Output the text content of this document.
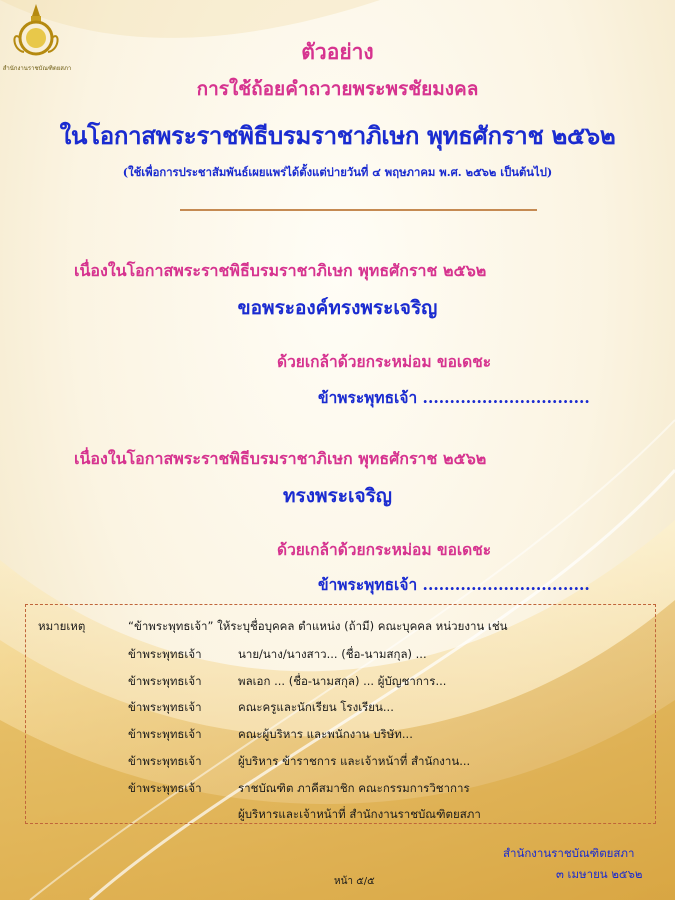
สำนักงานราชบัณฑิตยสภา
ตัวอย่าง
การใช้ถ้อยคำถวายพระพรชัยมงคล
ในโอกาสพระราชพิธีบรมราชาภิเษก พุทธศักราช ๒๕๖๒
(ใช้เพื่อการประชาสัมพันธ์เผยแพร่ได้ตั้งแต่บ่ายวันที่ ๔ พฤษภาคม พ.ศ. ๒๕๖๒ เป็นต้นไป)
เนื่องในโอกาสพระราชพิธีบรมราชาภิเษก พุทธศักราช ๒๕๖๒
ขอพระองค์ทรงพระเจริญ
ด้วยเกล้าด้วยกระหม่อม ขอเดชะ
ข้าพระพุทธเจ้า ...............................
เนื่องในโอกาสพระราชพิธีบรมราชาภิเษก พุทธศักราช ๒๕๖๒
ทรงพระเจริญ
ด้วยเกล้าด้วยกระหม่อม ขอเดชะ
ข้าพระพุทธเจ้า ...............................
หมายเหตุ	“ข้าพระพุทธเจ้า” ให้ระบุชื่อบุคคล ตำแหน่ง (ถ้ามี) คณะบุคคล หน่วยงาน เช่น
ข้าพระพุทธเจ้า	นาย/นาง/นางสาว... (ชื่อ-นามสกุล) ...
ข้าพระพุทธเจ้า	พลเอก ... (ชื่อ-นามสกุล) ... ผู้บัญชาการ...
ข้าพระพุทธเจ้า	คณะครูและนักเรียน โรงเรียน...
ข้าพระพุทธเจ้า	คณะผู้บริหาร และพนักงาน บริษัท...
ข้าพระพุทธเจ้า	ผู้บริหาร ข้าราชการ และเจ้าหน้าที่ สำนักงาน...
ข้าพระพุทธเจ้า	ราชบัณฑิต ภาคีสมาชิก คณะกรรมการวิชาการ
ผู้บริหารและเจ้าหน้าที่ สำนักงานราชบัณฑิตยสภา
สำนักงานราชบัณฑิตยสภา
๓ เมษายน ๒๕๖๒
หน้า ๕/๕
